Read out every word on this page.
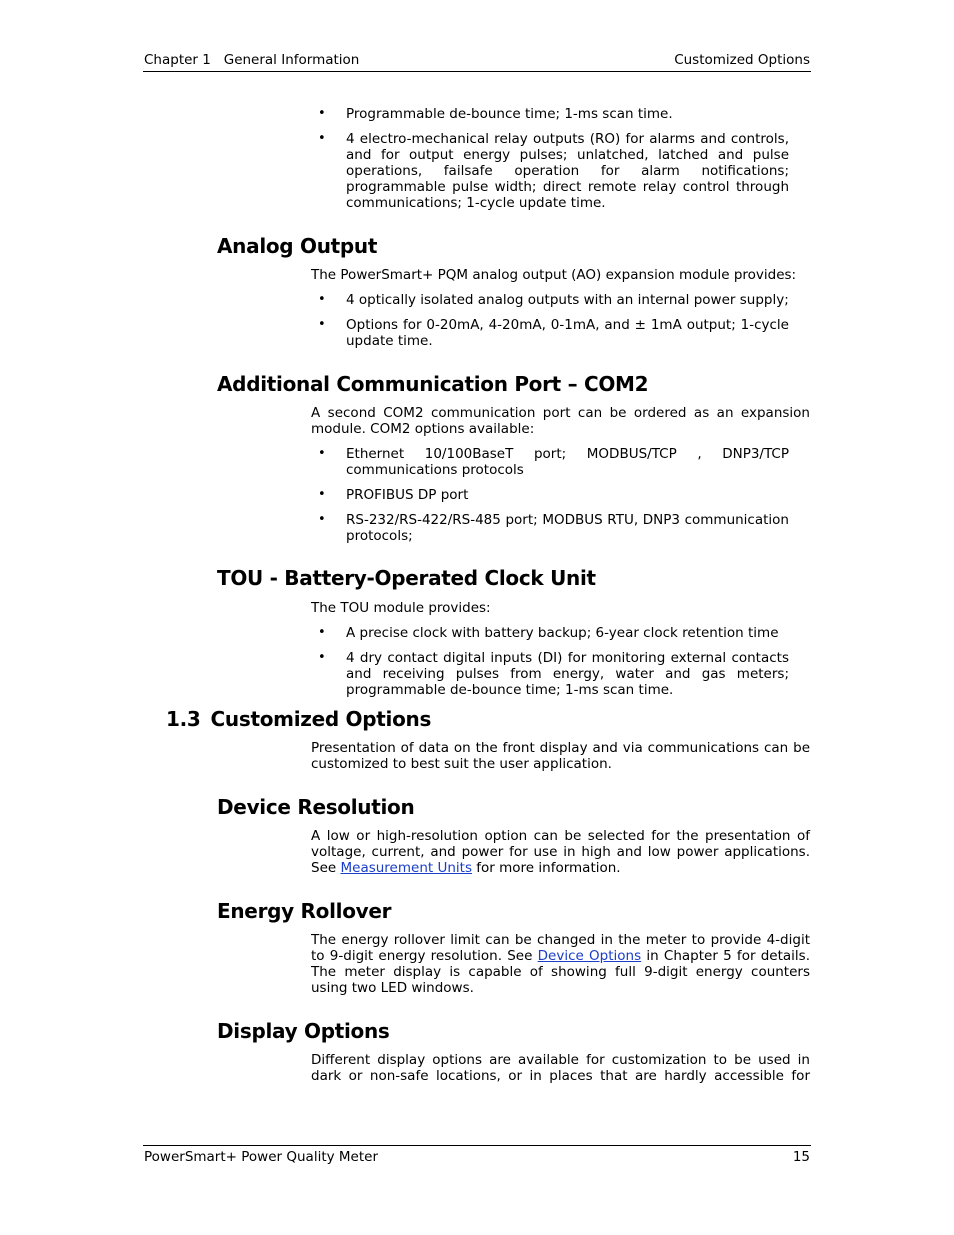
Chapter 1   General Information	Customized Options
• Programmable de-bounce time; 1-ms scan time.
• 4 electro-mechanical relay outputs (RO) for alarms and controls, and for output energy pulses; unlatched, latched and pulse operations, failsafe operation for alarm notifications; programmable pulse width; direct remote relay control through communications; 1-cycle update time.
Analog Output
The PowerSmart+ PQM analog output (AO) expansion module provides:
• 4 optically isolated analog outputs with an internal power supply;
• Options for 0-20mA, 4-20mA, 0-1mA, and ± 1mA output; 1-cycle update time.
Additional Communication Port – COM2
A second COM2 communication port can be ordered as an expansion module. COM2 options available:
• Ethernet 10/100BaseT port; MODBUS/TCP , DNP3/TCP communications protocols
• PROFIBUS DP port
• RS-232/RS-422/RS-485 port; MODBUS RTU, DNP3 communication protocols;
TOU - Battery-Operated Clock Unit
The TOU module provides:
• A precise clock with battery backup; 6-year clock retention time
• 4 dry contact digital inputs (DI) for monitoring external contacts and receiving pulses from energy, water and gas meters; programmable de-bounce time; 1-ms scan time.
1.3 Customized Options
Presentation of data on the front display and via communications can be customized to best suit the user application.
Device Resolution
A low or high-resolution option can be selected for the presentation of voltage, current, and power for use in high and low power applications. See Measurement Units for more information.
Energy Rollover
The energy rollover limit can be changed in the meter to provide 4-digit to 9-digit energy resolution. See Device Options in Chapter 5 for details. The meter display is capable of showing full 9-digit energy counters using two LED windows.
Display Options
Different display options are available for customization to be used in dark or non-safe locations, or in places that are hardly accessible for
PowerSmart+ Power Quality Meter	15
